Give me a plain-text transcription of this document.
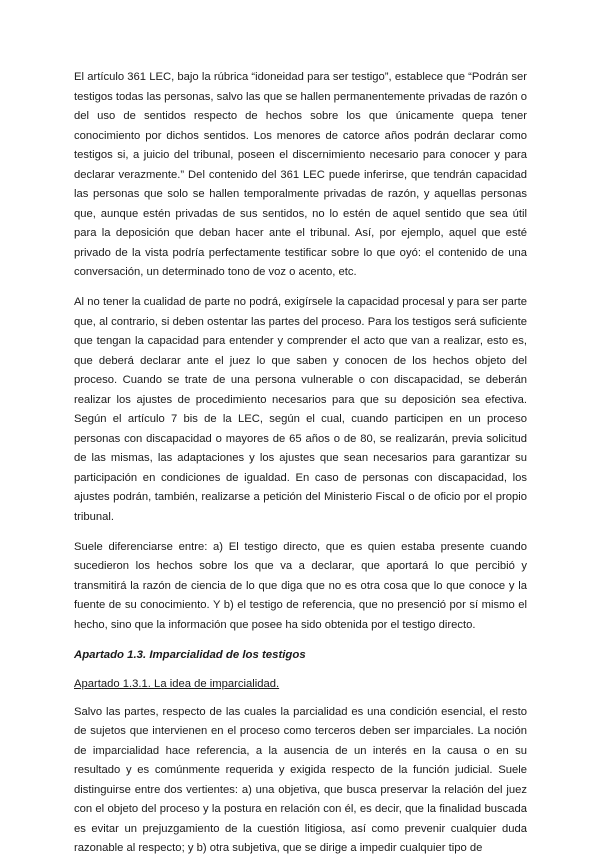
El artículo 361 LEC, bajo la rúbrica “idoneidad para ser testigo”, establece que “Podrán ser testigos todas las personas, salvo las que se hallen permanentemente privadas de razón o del uso de sentidos respecto de hechos sobre los que únicamente quepa tener conocimiento por dichos sentidos. Los menores de catorce años podrán declarar como testigos si, a juicio del tribunal, poseen el discernimiento necesario para conocer y para declarar verazmente.” Del contenido del 361 LEC puede inferirse, que tendrán capacidad las personas que solo se hallen temporalmente privadas de razón, y aquellas personas que, aunque estén privadas de sus sentidos, no lo estén de aquel sentido que sea útil para la deposición que deban hacer ante el tribunal. Así, por ejemplo, aquel que esté privado de la vista podría perfectamente testificar sobre lo que oyó: el contenido de una conversación, un determinado tono de voz o acento, etc.

Al no tener la cualidad de parte no podrá, exigírsele la capacidad procesal y para ser parte que, al contrario, si deben ostentar las partes del proceso. Para los testigos será suficiente que tengan la capacidad para entender y comprender el acto que van a realizar, esto es, que deberá declarar ante el juez lo que saben y conocen de los hechos objeto del proceso. Cuando se trate de una persona vulnerable o con discapacidad, se deberán realizar los ajustes de procedimiento necesarios para que su deposición sea efectiva. Según el artículo 7 bis de la LEC, según el cual, cuando participen en un proceso personas con discapacidad o mayores de 65 años o de 80, se realizarán, previa solicitud de las mismas, las adaptaciones y los ajustes que sean necesarios para garantizar su participación en condiciones de igualdad. En caso de personas con discapacidad, los ajustes podrán, también, realizarse a petición del Ministerio Fiscal o de oficio por el propio tribunal.

Suele diferenciarse entre: a) El testigo directo, que es quien estaba presente cuando sucedieron los hechos sobre los que va a declarar, que aportará lo que percibió y transmitirá la razón de ciencia de lo que diga que no es otra cosa que lo que conoce y la fuente de su conocimiento. Y b) el testigo de referencia, que no presenció por sí mismo el hecho, sino que la información que posee ha sido obtenida por el testigo directo.

Apartado 1.3. Imparcialidad de los testigos

Apartado 1.3.1. La idea de imparcialidad.

Salvo las partes, respecto de las cuales la parcialidad es una condición esencial, el resto de sujetos que intervienen en el proceso como terceros deben ser imparciales. La noción de imparcialidad hace referencia, a la ausencia de un interés en la causa o en su resultado y es comúnmente requerida y exigida respecto de la función judicial. Suele distinguirse entre dos vertientes: a) una objetiva, que busca preservar la relación del juez con el objeto del proceso y la postura en relación con él, es decir, que la finalidad buscada es evitar un prejuzgamiento de la cuestión litigiosa, así como prevenir cualquier duda razonable al respecto; y b) otra subjetiva, que se dirige a impedir cualquier tipo de
